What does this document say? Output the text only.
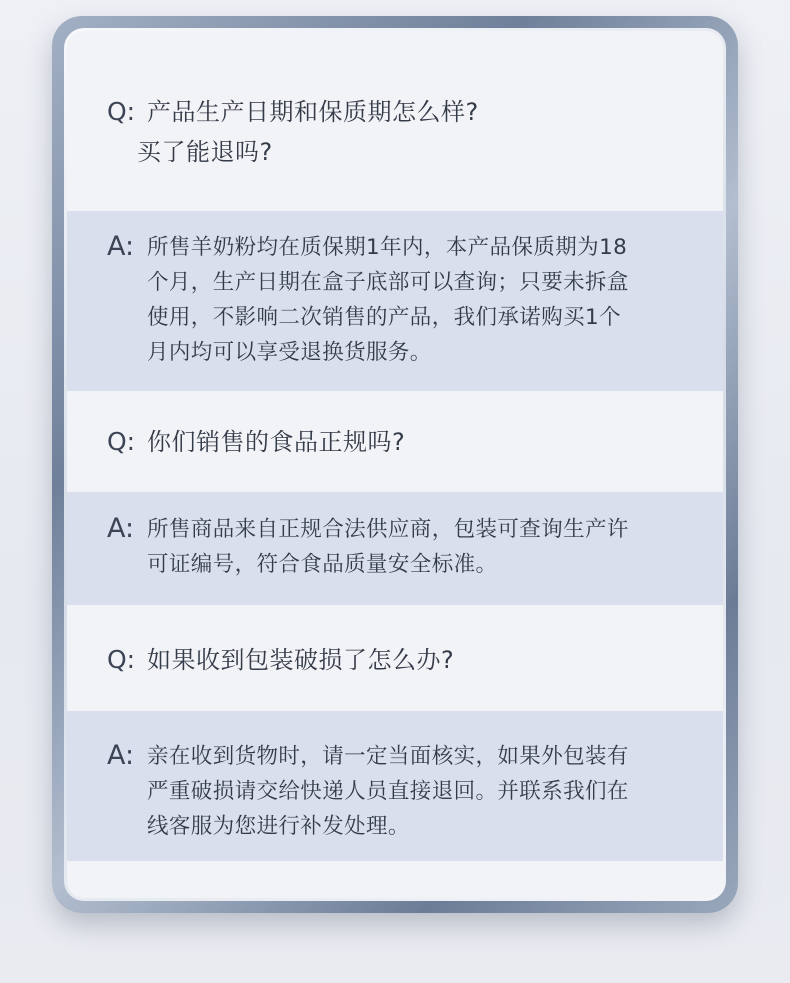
Q: 产品生产日期和保质期怎么样?
买了能退吗?
A: 所售羊奶粉均在质保期1年内，本产品保质期为18
个月，生产日期在盒子底部可以查询；只要未拆盒
使用，不影响二次销售的产品，我们承诺购买1个
月内均可以享受退换货服务。
Q: 你们销售的食品正规吗?
A: 所售商品来自正规合法供应商，包装可查询生产许
可证编号，符合食品质量安全标准。
Q: 如果收到包装破损了怎么办?
A: 亲在收到货物时，请一定当面核实，如果外包装有
严重破损请交给快递人员直接退回。并联系我们在
线客服为您进行补发处理。
